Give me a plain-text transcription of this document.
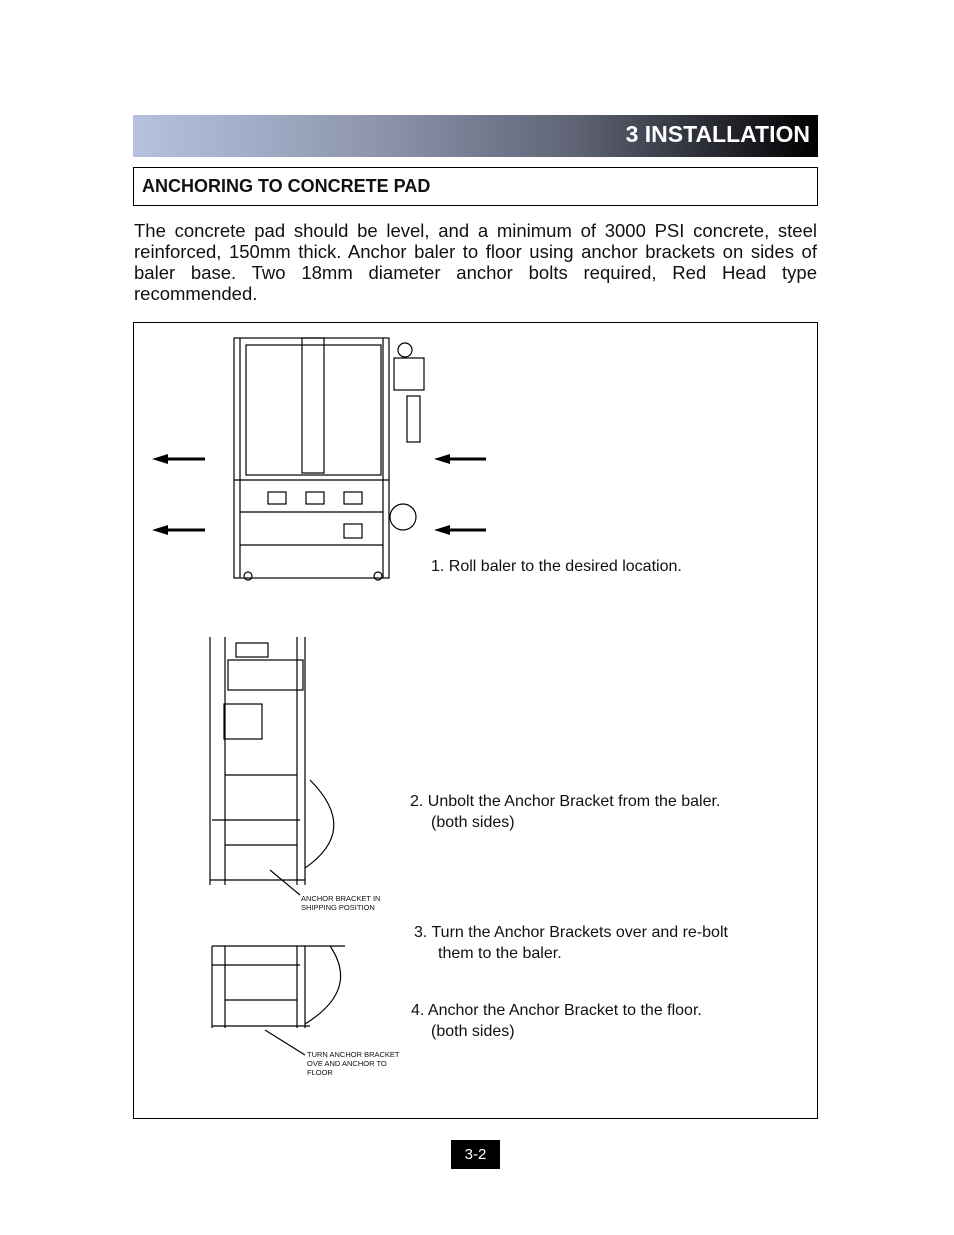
3 INSTALLATION
ANCHORING TO CONCRETE PAD
The concrete pad should be level, and a minimum of 3000 PSI concrete, steel reinforced, 150mm thick. Anchor baler to floor using anchor brackets on sides of baler base. Two 18mm diameter anchor bolts required, Red Head type recommended.
1. Roll baler to the desired location.
2. Unbolt the Anchor Bracket from the baler.
(both sides)
3. Turn the Anchor Brackets over and re-bolt
them to the baler.
4. Anchor the Anchor Bracket to the floor.
(both sides)
ANCHOR BRACKET IN
SHIPPING POSITION
TURN ANCHOR BRACKET
OVE AND ANCHOR TO
FLOOR
3-2
